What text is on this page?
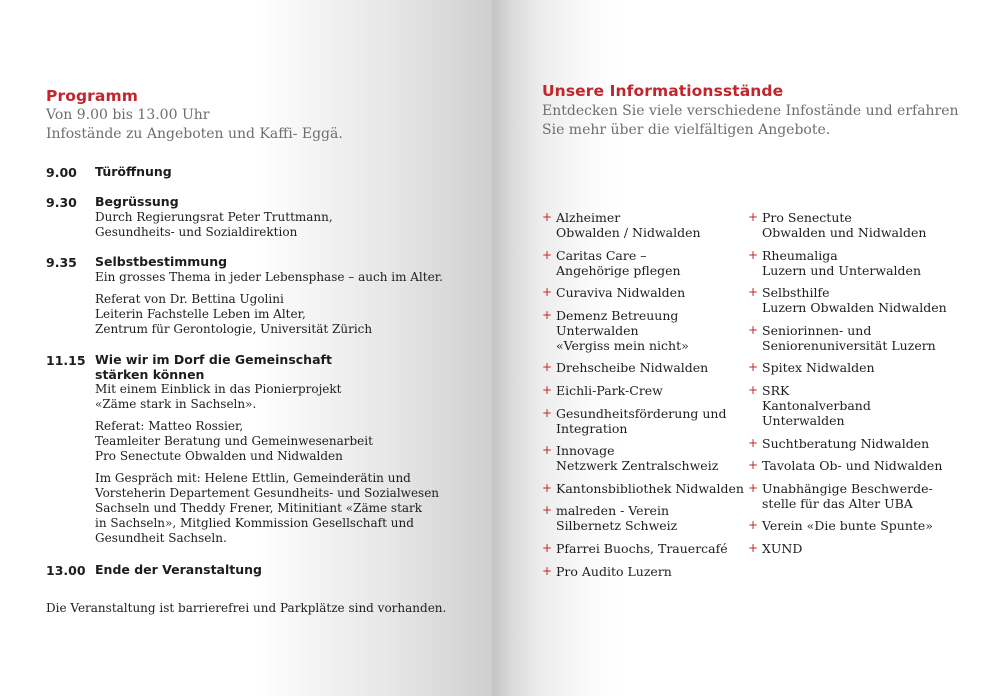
Programm
Von 9.00 bis 13.00 Uhr
Infostände zu Angeboten und Kaffi- Eggä.
9.00 Türöffnung
9.30 Begrüssung
Durch Regierungsrat Peter Truttmann,
Gesundheits- und Sozialdirektion
9.35 Selbstbestimmung
Ein grosses Thema in jeder Lebensphase – auch im Alter.
Referat von Dr. Bettina Ugolini
Leiterin Fachstelle Leben im Alter,
Zentrum für Gerontologie, Universität Zürich
11.15 Wie wir im Dorf die Gemeinschaft
stärken können
Mit einem Einblick in das Pionierprojekt
«Zäme stark in Sachseln».
Referat: Matteo Rossier,
Teamleiter Beratung und Gemeinwesenarbeit
Pro Senectute Obwalden und Nidwalden
Im Gespräch mit: Helene Ettlin, Gemeinderätin und
Vorsteherin Departement Gesundheits- und Sozialwesen
Sachseln und Theddy Frener, Mitinitiant «Zäme stark
in Sachseln», Mitglied Kommission Gesellschaft und
Gesundheit Sachseln.
13.00 Ende der Veranstaltung
Die Veranstaltung ist barrierefrei und Parkplätze sind vorhanden.
Unsere Informationsstände
Entdecken Sie viele verschiedene Infostände und erfahren
Sie mehr über die vielfältigen Angebote.
+ Alzheimer
Obwalden / Nidwalden
+ Caritas Care –
Angehörige pflegen
+ Curaviva Nidwalden
+ Demenz Betreuung
Unterwalden
«Vergiss mein nicht»
+ Drehscheibe Nidwalden
+ Eichli-Park-Crew
+ Gesundheitsförderung und
Integration
+ Innovage
Netzwerk Zentralschweiz
+ Kantonsbibliothek Nidwalden
+ malreden - Verein
Silbernetz Schweiz
+ Pfarrei Buochs, Trauercafé
+ Pro Audito Luzern
+ Pro Senectute
Obwalden und Nidwalden
+ Rheumaliga
Luzern und Unterwalden
+ Selbsthilfe
Luzern Obwalden Nidwalden
+ Seniorinnen- und
Seniorenuniversität Luzern
+ Spitex Nidwalden
+ SRK
Kantonalverband
Unterwalden
+ Suchtberatung Nidwalden
+ Tavolata Ob- und Nidwalden
+ Unabhängige Beschwerde-
stelle für das Alter UBA
+ Verein «Die bunte Spunte»
+ XUND
